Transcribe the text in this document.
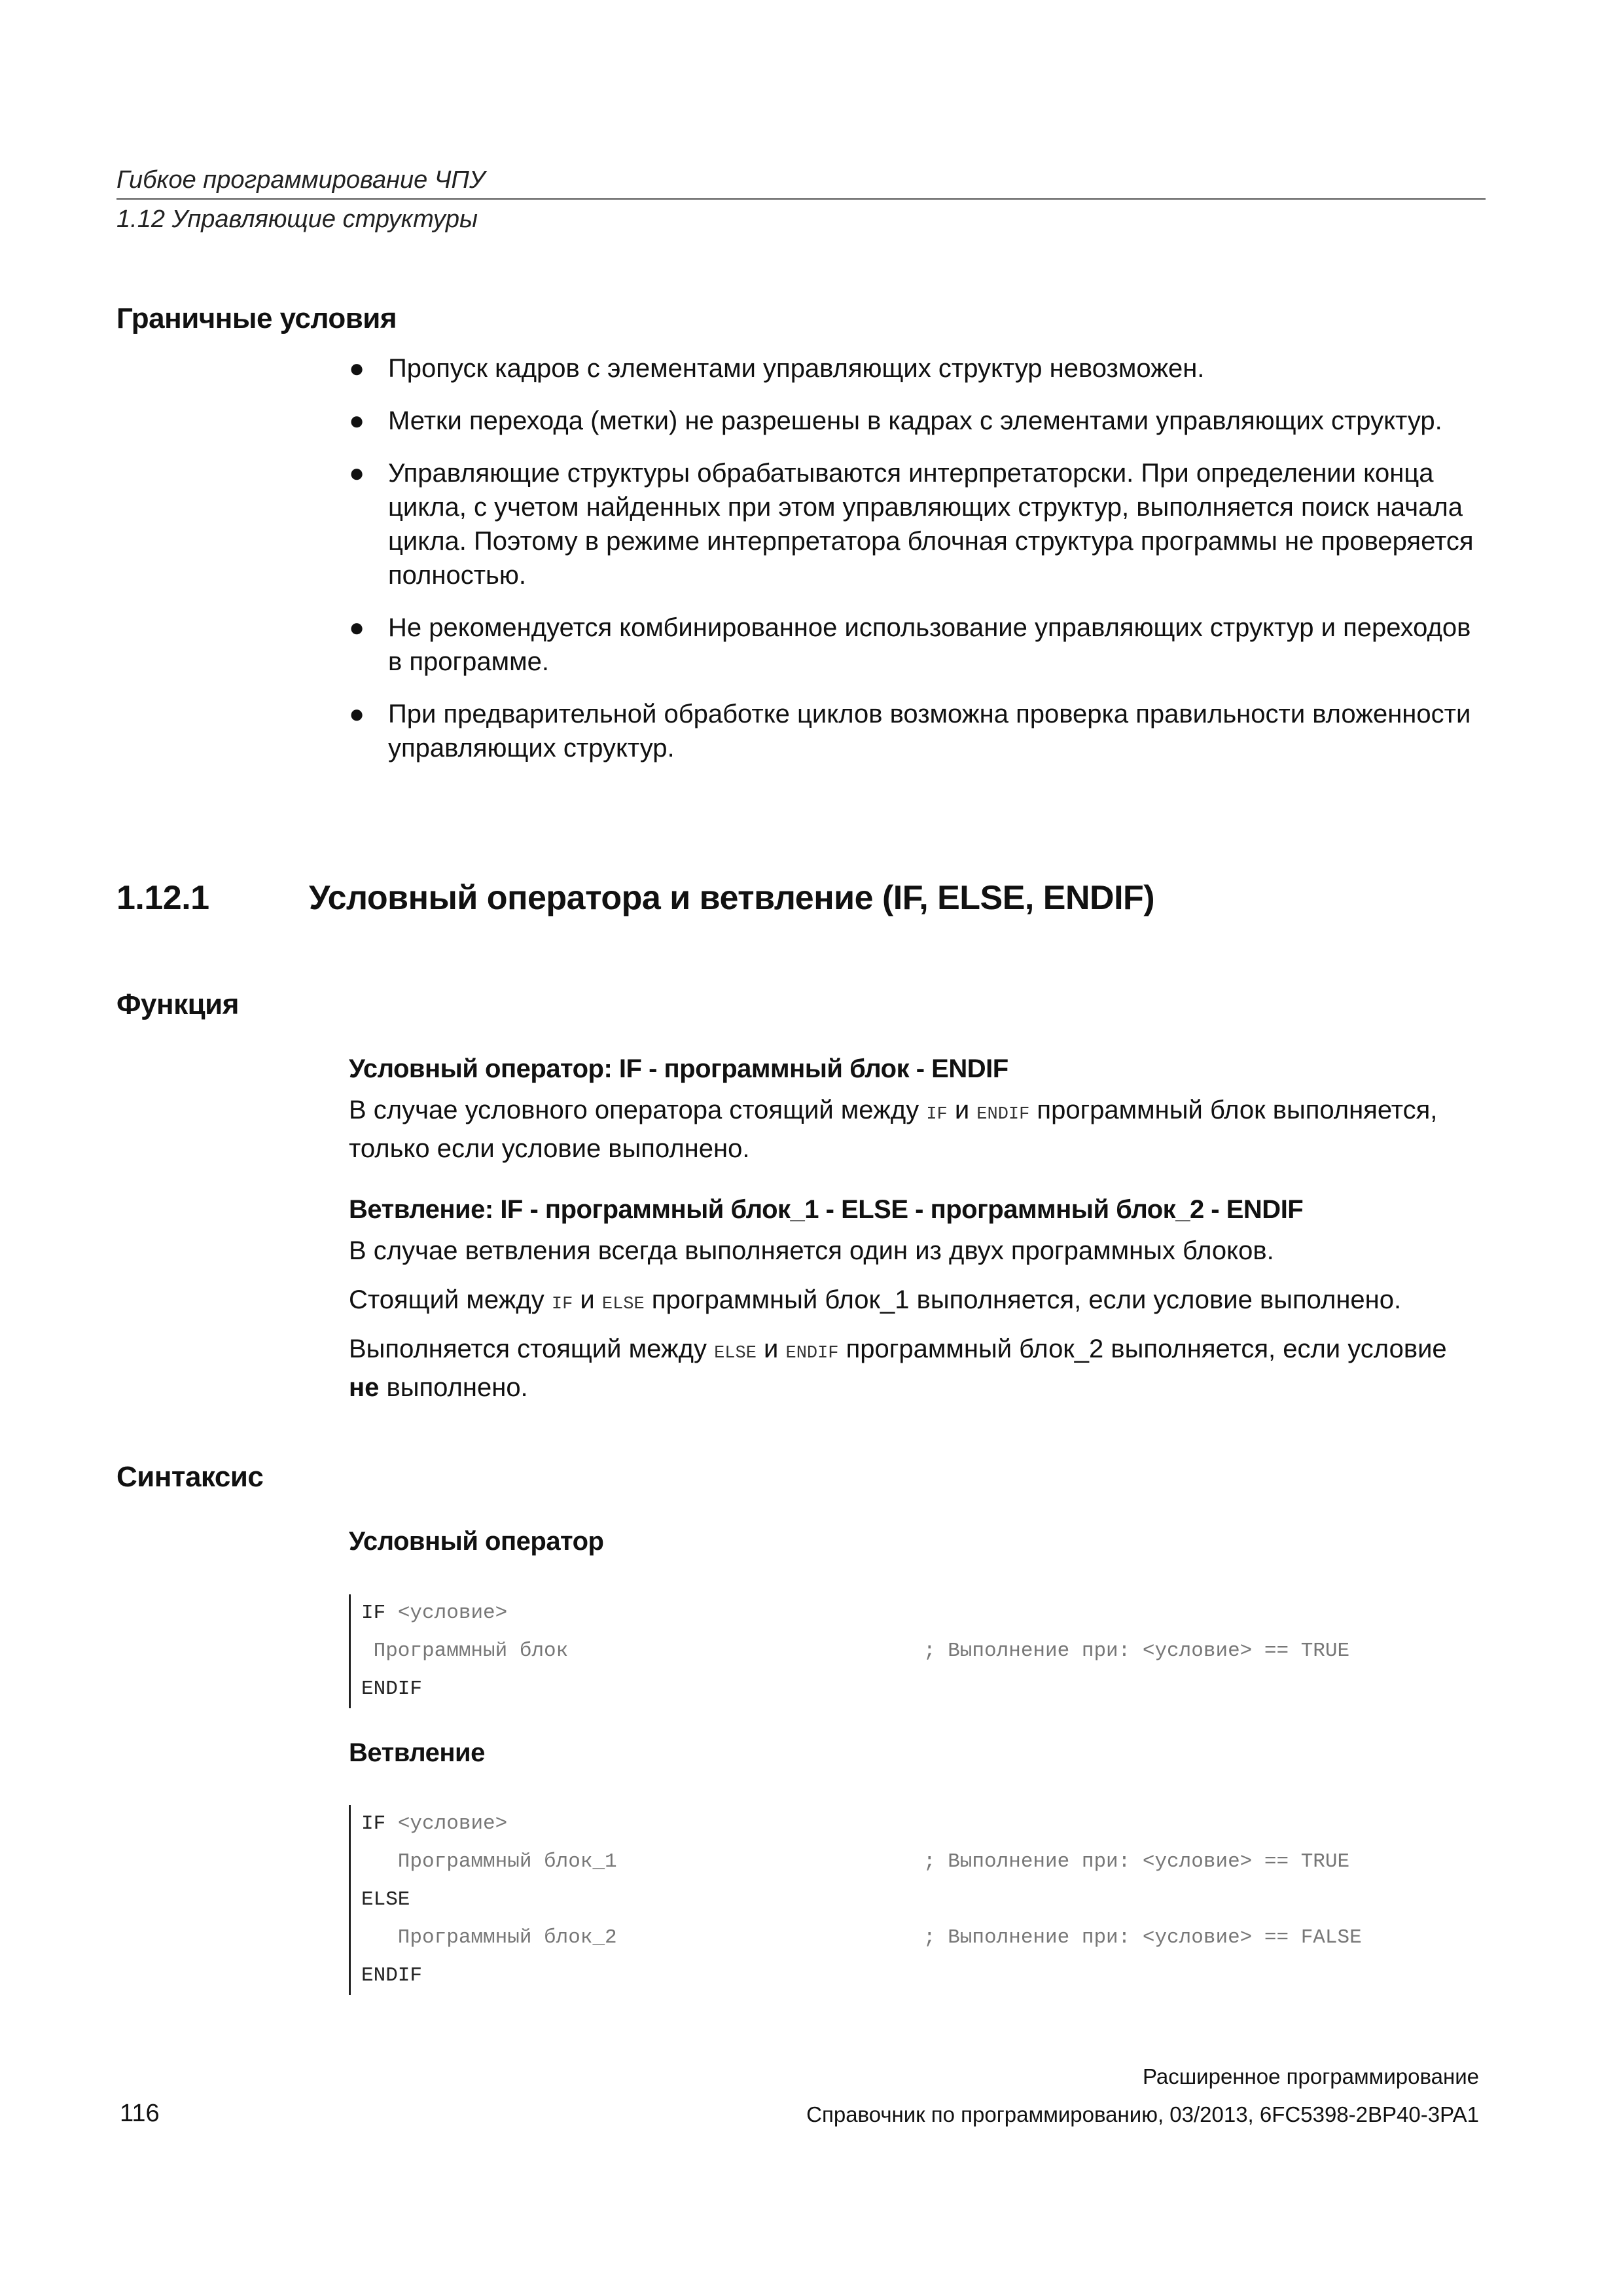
Гибкое программирование ЧПУ
1.12 Управляющие структуры
Граничные условия
● Пропуск кадров с элементами управляющих структур невозможен.
● Метки перехода (метки) не разрешены в кадрах с элементами управляющих структур.
● Управляющие структуры обрабатываются интерпретаторски. При определении конца цикла, с учетом найденных при этом управляющих структур, выполняется поиск начала цикла. Поэтому в режиме интерпретатора блочная структура программы не проверяется полностью.
● Не рекомендуется комбинированное использование управляющих структур и переходов в программе.
● При предварительной обработке циклов возможна проверка правильности вложенности управляющих структур.
1.12.1	Условный оператора и ветвление (IF, ELSE, ENDIF)
Функция
Условный оператор: IF - программный блок - ENDIF
В случае условного оператора стоящий между IF и ENDIF программный блок выполняется, только если условие выполнено.
Ветвление: IF - программный блок_1 - ELSE - программный блок_2 - ENDIF
В случае ветвления всегда выполняется один из двух программных блоков.
Стоящий между IF и ELSE программный блок_1 выполняется, если условие выполнено.
Выполняется стоящий между ELSE и ENDIF программный блок_2 выполняется, если условие не выполнено.
Синтаксис
Условный оператор
IF <условие>
Программный блок	; Выполнение при: <условие> == TRUE
ENDIF
Ветвление
IF <условие>
Программный блок_1	; Выполнение при: <условие> == TRUE
ELSE
Программный блок_2	; Выполнение при: <условие> == FALSE
ENDIF
Расширенное программирование
116	Справочник по программированию, 03/2013, 6FC5398-2BP40-3PA1
